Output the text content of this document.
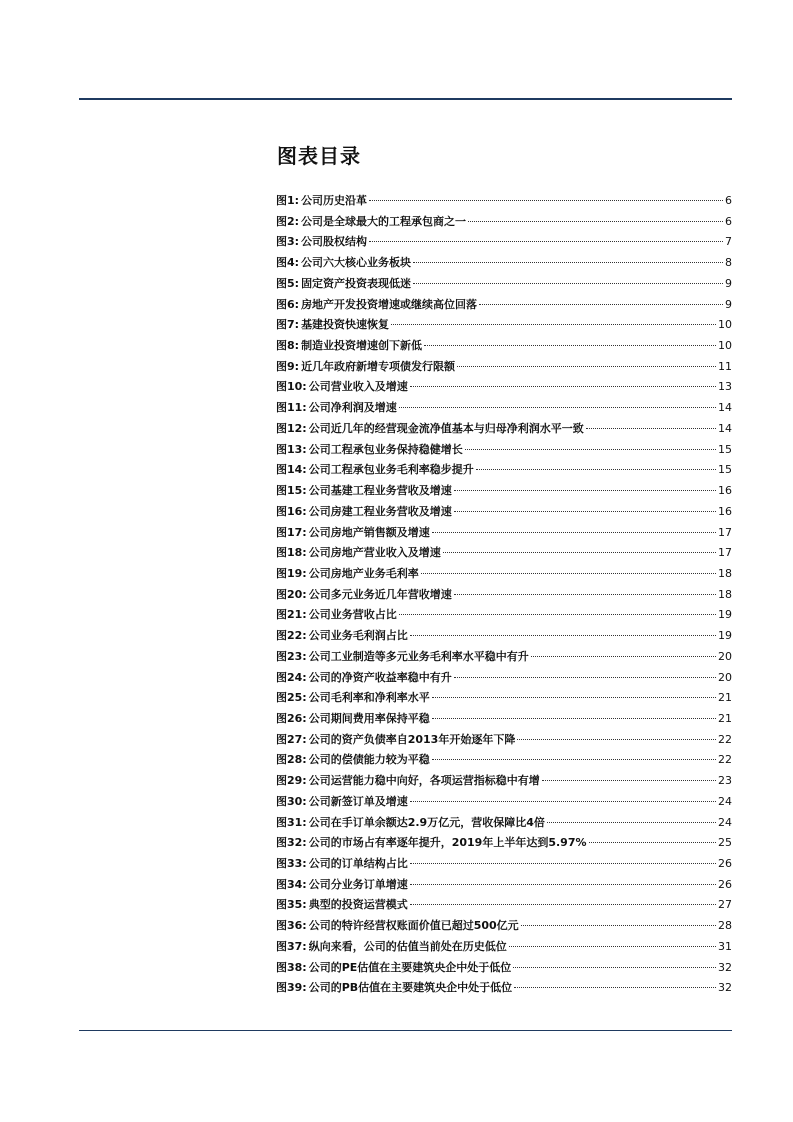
图表目录
图1: 公司历史沿革	6
图2: 公司是全球最大的工程承包商之一	6
图3: 公司股权结构	7
图4: 公司六大核心业务板块	8
图5: 固定资产投资表现低迷	9
图6: 房地产开发投资增速或继续高位回落	9
图7: 基建投资快速恢复	10
图8: 制造业投资增速创下新低	10
图9: 近几年政府新增专项债发行限额	11
图10: 公司营业收入及增速	13
图11: 公司净利润及增速	14
图12: 公司近几年的经营现金流净值基本与归母净利润水平一致	14
图13: 公司工程承包业务保持稳健增长	15
图14: 公司工程承包业务毛利率稳步提升	15
图15: 公司基建工程业务营收及增速	16
图16: 公司房建工程业务营收及增速	16
图17: 公司房地产销售额及增速	17
图18: 公司房地产营业收入及增速	17
图19: 公司房地产业务毛利率	18
图20: 公司多元业务近几年营收增速	18
图21: 公司业务营收占比	19
图22: 公司业务毛利润占比	19
图23: 公司工业制造等多元业务毛利率水平稳中有升	20
图24: 公司的净资产收益率稳中有升	20
图25: 公司毛利率和净利率水平	21
图26: 公司期间费用率保持平稳	21
图27: 公司的资产负债率自2013年开始逐年下降	22
图28: 公司的偿债能力较为平稳	22
图29: 公司运营能力稳中向好，各项运营指标稳中有增	23
图30: 公司新签订单及增速	24
图31: 公司在手订单余额达2.9万亿元，营收保障比4倍	24
图32: 公司的市场占有率逐年提升，2019年上半年达到5.97%	25
图33: 公司的订单结构占比	26
图34: 公司分业务订单增速	26
图35: 典型的投资运营模式	27
图36: 公司的特许经营权账面价值已超过500亿元	28
图37: 纵向来看，公司的估值当前处在历史低位	31
图38: 公司的PE估值在主要建筑央企中处于低位	32
图39: 公司的PB估值在主要建筑央企中处于低位	32
